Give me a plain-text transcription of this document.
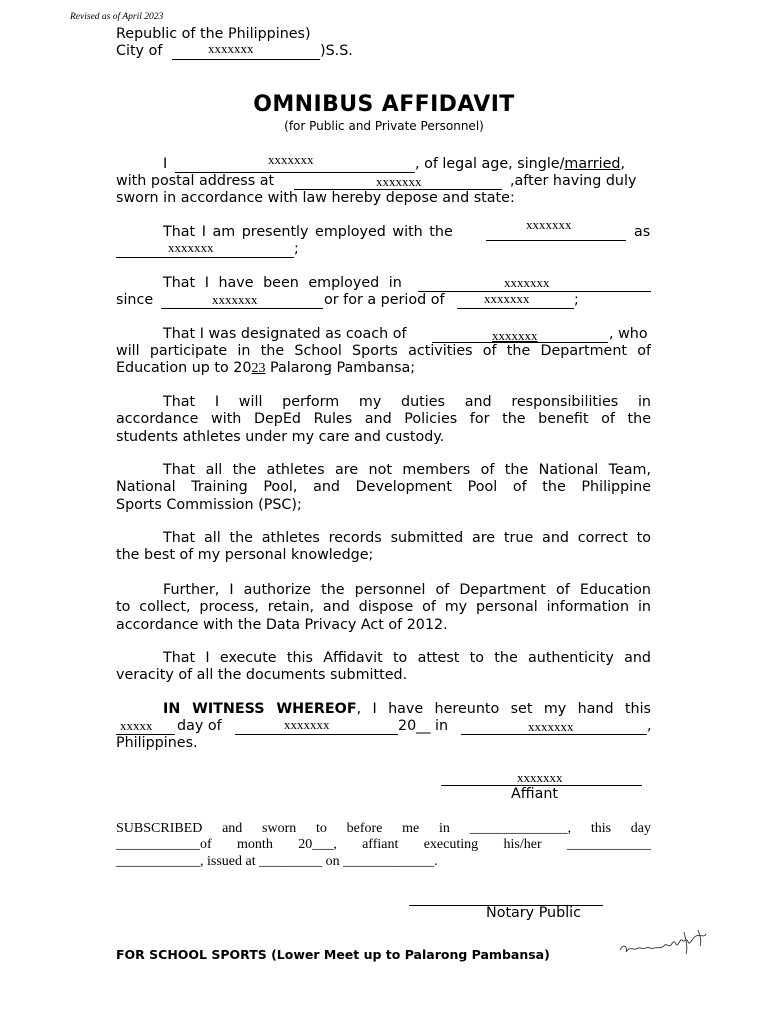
Revised as of April 2023
Republic of the Philippines)
City of	xxxxxxx	)S.S.
OMNIBUS AFFIDAVIT
(for Public and Private Personnel)
I	xxxxxxx	, of legal age, single/married,
with postal address at	xxxxxxx	,after having duly
sworn in accordance with law hereby depose and state:
That I am presently employed with the	xxxxxxx	as
xxxxxxx	;
That I have been employed in	xxxxxxx
since	xxxxxxx	or for a period of	xxxxxxx	;
That I was designated as coach of	xxxxxxx	, who
will participate in the School Sports activities of the Department of
Education up to 2023 Palarong Pambansa;
That I will perform my duties and responsibilities in
accordance with DepEd Rules and Policies for the benefit of the
students athletes under my care and custody.
That all the athletes are not members of the National Team,
National Training Pool, and Development Pool of the Philippine
Sports Commission (PSC);
That all the athletes records submitted are true and correct to
the best of my personal knowledge;
Further, I authorize the personnel of Department of Education
to collect, process, retain, and dispose of my personal information in
accordance with the Data Privacy Act of 2012.
That I execute this Affidavit to attest to the authenticity and
veracity of all the documents submitted.
IN WITNESS WHEREOF, I have hereunto set my hand this
xxxxx day of	xxxxxxx	20__ in	xxxxxxx	,
Philippines.
xxxxxxx
Affiant
SUBSCRIBED and sworn to before me in ______________, this day
____________of month 20___, affiant executing his/her ____________
____________, issued at _________ on _____________.
Notary Public
FOR SCHOOL SPORTS (Lower Meet up to Palarong Pambansa)
